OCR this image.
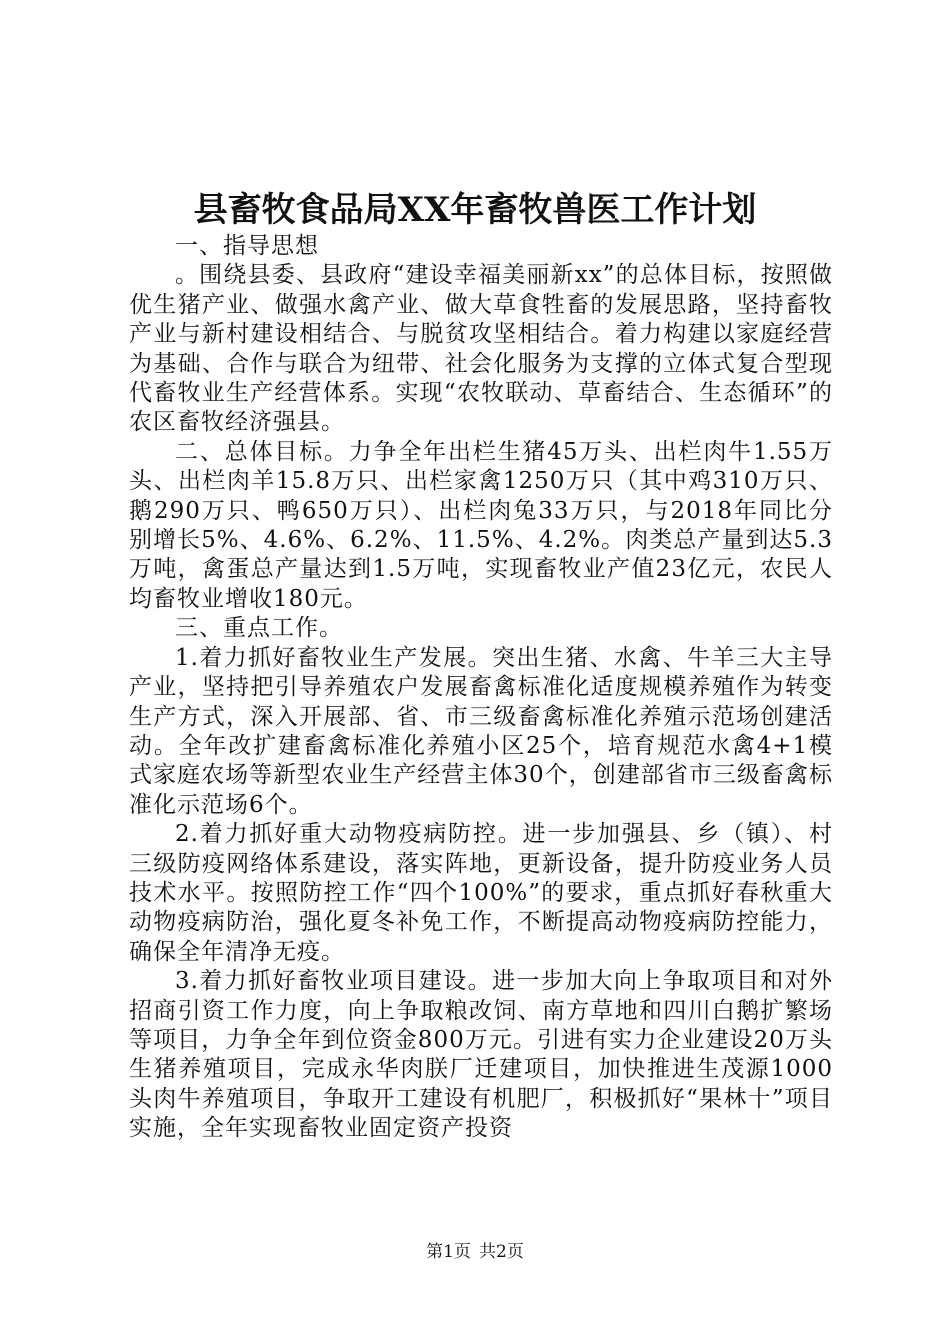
县畜牧食品局XX年畜牧兽医工作计划

一、指导思想

。围绕县委、县政府“建设幸福美丽新xx”的总体目标，按照做优生猪产业、做强水禽产业、做大草食牲畜的发展思路，坚持畜牧产业与新村建设相结合、与脱贫攻坚相结合。着力构建以家庭经营为基础、合作与联合为纽带、社会化服务为支撑的立体式复合型现代畜牧业生产经营体系。实现“农牧联动、草畜结合、生态循环”的农区畜牧经济强县。

二、总体目标。力争全年出栏生猪45万头、出栏肉牛1.55万头、出栏肉羊15.8万只、出栏家禽1250万只（其中鸡310万只、鹅290万只、鸭650万只）、出栏肉兔33万只，与2018年同比分别增长5%、4.6%、6.2%、11.5%、4.2%。肉类总产量到达5.3万吨，禽蛋总产量达到1.5万吨，实现畜牧业产值23亿元，农民人均畜牧业增收180元。

三、重点工作。

1.着力抓好畜牧业生产发展。突出生猪、水禽、牛羊三大主导产业，坚持把引导养殖农户发展畜禽标准化适度规模养殖作为转变生产方式，深入开展部、省、市三级畜禽标准化养殖示范场创建活动。全年改扩建畜禽标准化养殖小区25个，培育规范水禽4+1模式家庭农场等新型农业生产经营主体30个，创建部省市三级畜禽标准化示范场6个。

2.着力抓好重大动物疫病防控。进一步加强县、乡（镇）、村三级防疫网络体系建设，落实阵地，更新设备，提升防疫业务人员技术水平。按照防控工作“四个100%”的要求，重点抓好春秋重大动物疫病防治，强化夏冬补免工作，不断提高动物疫病防控能力，确保全年清净无疫。

3.着力抓好畜牧业项目建设。进一步加大向上争取项目和对外招商引资工作力度，向上争取粮改饲、南方草地和四川白鹅扩繁场等项目，力争全年到位资金800万元。引进有实力企业建设20万头生猪养殖项目，完成永华肉朕厂迁建项目，加快推进生茂源1000头肉牛养殖项目，争取开工建设有机肥厂，积极抓好“果林十”项目实施，全年实现畜牧业固定资产投资

第1页 共2页
